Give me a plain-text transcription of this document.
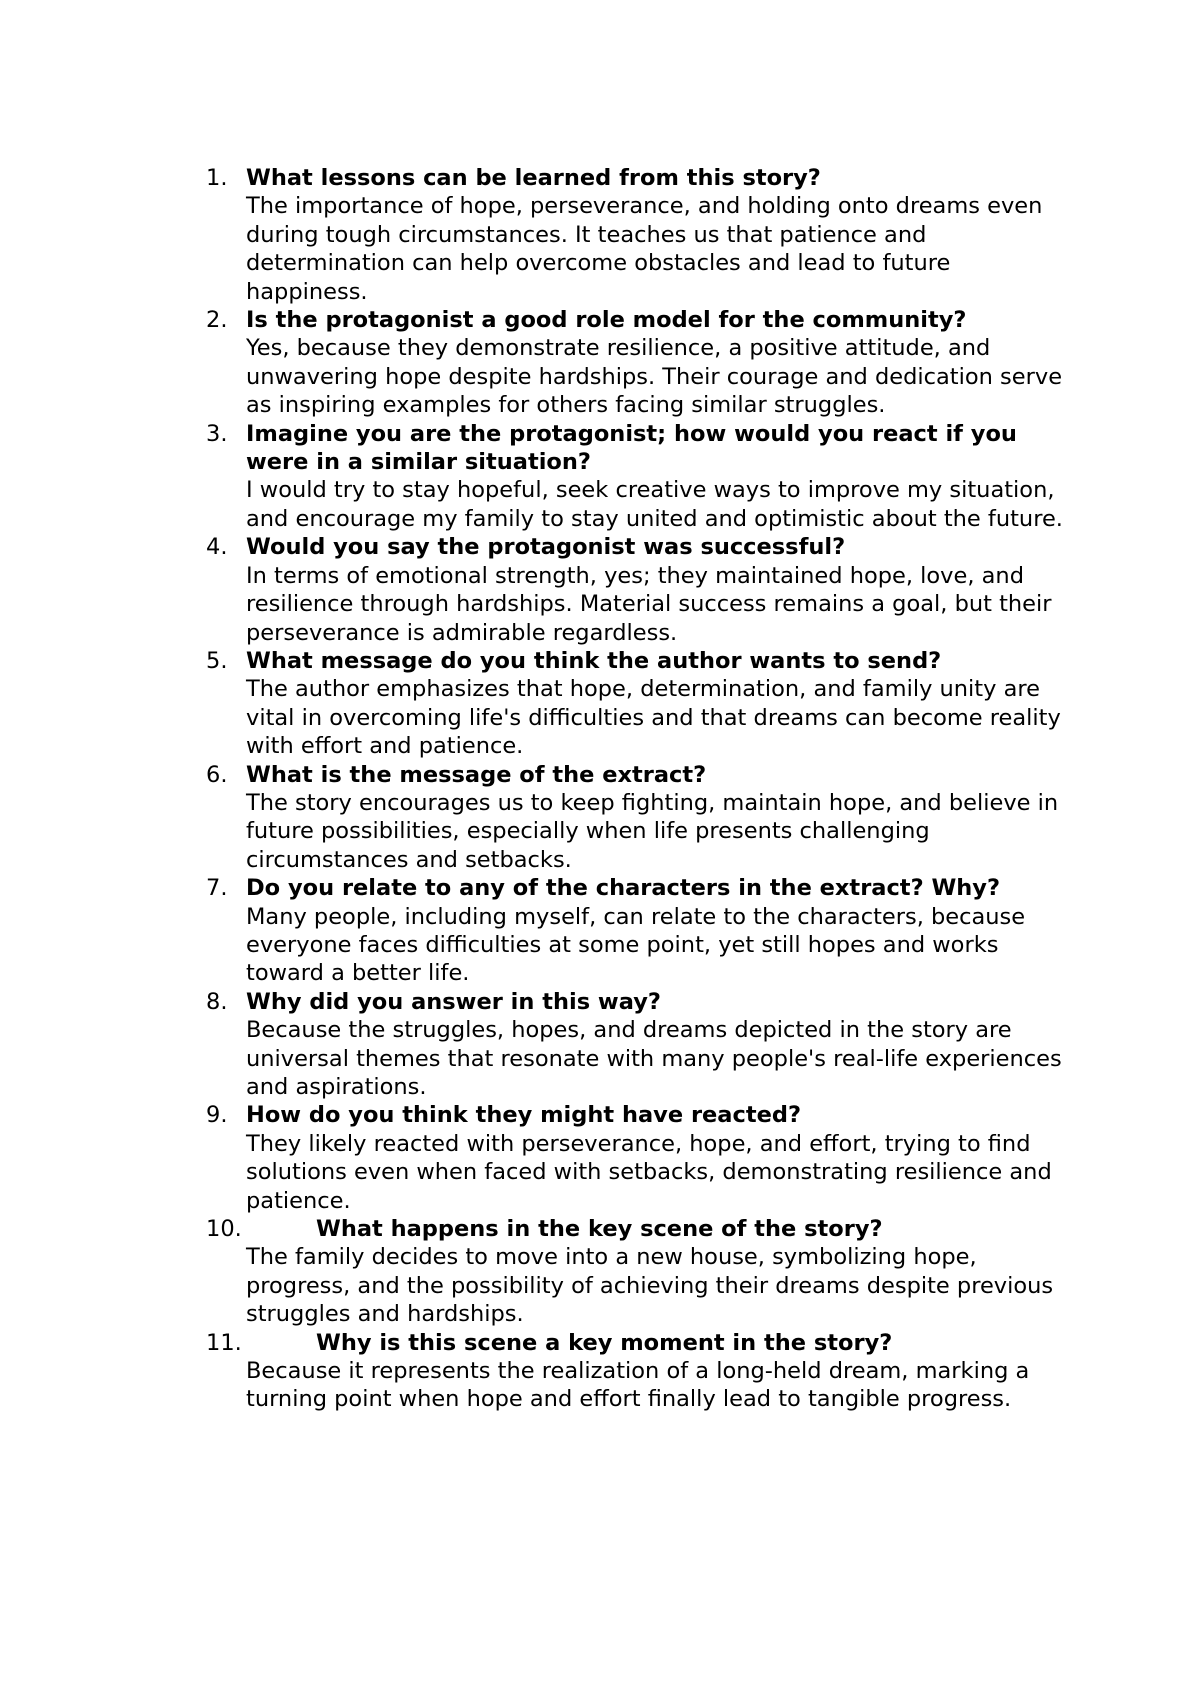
1. What lessons can be learned from this story?
The importance of hope, perseverance, and holding onto dreams even during tough circumstances. It teaches us that patience and determination can help overcome obstacles and lead to future happiness.
2. Is the protagonist a good role model for the community?
Yes, because they demonstrate resilience, a positive attitude, and unwavering hope despite hardships. Their courage and dedication serve as inspiring examples for others facing similar struggles.
3. Imagine you are the protagonist; how would you react if you were in a similar situation?
I would try to stay hopeful, seek creative ways to improve my situation, and encourage my family to stay united and optimistic about the future.
4. Would you say the protagonist was successful?
In terms of emotional strength, yes; they maintained hope, love, and resilience through hardships. Material success remains a goal, but their perseverance is admirable regardless.
5. What message do you think the author wants to send?
The author emphasizes that hope, determination, and family unity are vital in overcoming life's difficulties and that dreams can become reality with effort and patience.
6. What is the message of the extract?
The story encourages us to keep fighting, maintain hope, and believe in future possibilities, especially when life presents challenging circumstances and setbacks.
7. Do you relate to any of the characters in the extract? Why?
Many people, including myself, can relate to the characters, because everyone faces difficulties at some point, yet still hopes and works toward a better life.
8. Why did you answer in this way?
Because the struggles, hopes, and dreams depicted in the story are universal themes that resonate with many people's real-life experiences and aspirations.
9. How do you think they might have reacted?
They likely reacted with perseverance, hope, and effort, trying to find solutions even when faced with setbacks, demonstrating resilience and patience.
10.	What happens in the key scene of the story?
The family decides to move into a new house, symbolizing hope, progress, and the possibility of achieving their dreams despite previous struggles and hardships.
11.	Why is this scene a key moment in the story?
Because it represents the realization of a long-held dream, marking a turning point when hope and effort finally lead to tangible progress.
